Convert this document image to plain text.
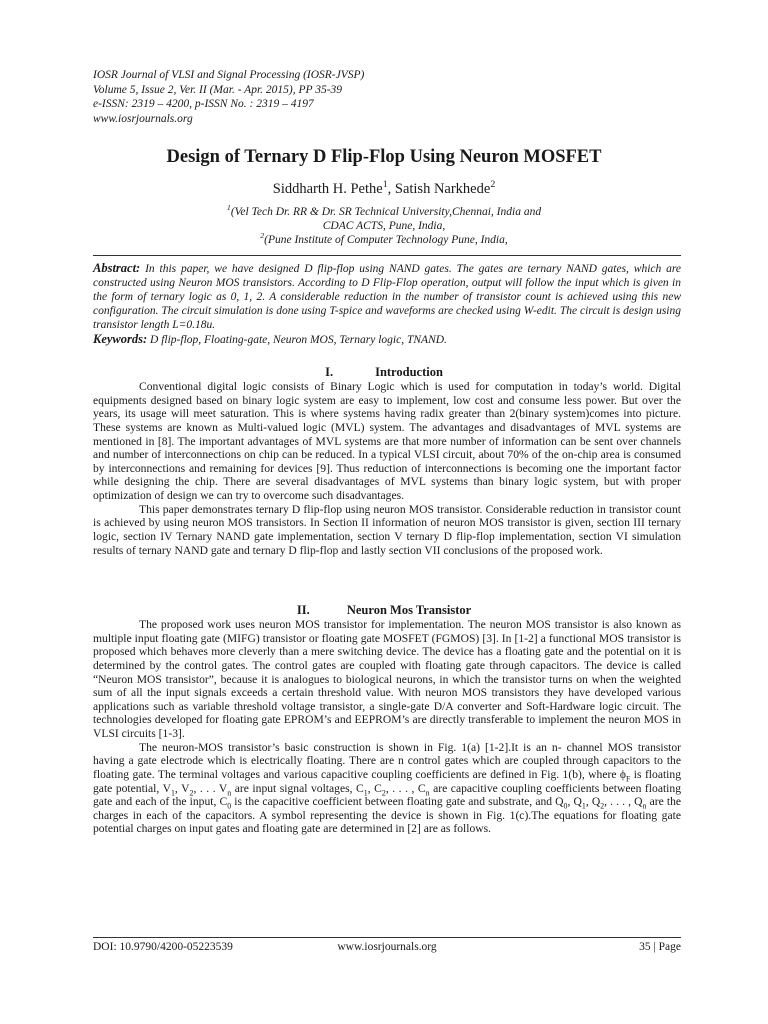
IOSR Journal of VLSI and Signal Processing (IOSR-JVSP)
Volume 5, Issue 2, Ver. II (Mar. - Apr. 2015), PP 35-39
e-ISSN: 2319 – 4200, p-ISSN No. : 2319 – 4197
www.iosrjournals.org
Design of Ternary D Flip-Flop Using Neuron MOSFET
Siddharth H. Pethe$^1$, Satish Narkhede$^2$
$^1$(Vel Tech Dr. RR & Dr. SR Technical University,Chennai, India and
CDAC ACTS, Pune, India,
$^2$(Pune Institute of Computer Technology Pune, India,
Abstract: In this paper, we have designed D flip-flop using NAND gates. The gates are ternary NAND gates, which are constructed using Neuron MOS transistors. According to D Flip-Flop operation, output will follow the input which is given in the form of ternary logic as 0, 1, 2. A considerable reduction in the number of transistor count is achieved using this new configuration. The circuit simulation is done using T-spice and waveforms are checked using W-edit. The circuit is design using transistor length L=0.18u.
Keywords: D flip-flop, Floating-gate, Neuron MOS, Ternary logic, TNAND.
I.	Introduction

Conventional digital logic consists of Binary Logic which is used for computation in today’s world. Digital equipments designed based on binary logic system are easy to implement, low cost and consume less power. But over the years, its usage will meet saturation. This is where systems having radix greater than 2(binary system)comes into picture. These systems are known as Multi-valued logic (MVL) system. The advantages and disadvantages of MVL systems are mentioned in [8]. The important advantages of MVL systems are that more number of information can be sent over channels and number of interconnections on chip can be reduced. In a typical VLSI circuit, about 70% of the on-chip area is consumed by interconnections and remaining for devices [9]. Thus reduction of interconnections is becoming one the important factor while designing the chip. There are several disadvantages of MVL systems than binary logic system, but with proper optimization of design we can try to overcome such disadvantages.

This paper demonstrates ternary D flip-flop using neuron MOS transistor. Considerable reduction in transistor count is achieved by using neuron MOS transistors. In Section II information of neuron MOS transistor is given, section III ternary logic, section IV Ternary NAND gate implementation, section V ternary D flip-flop implementation, section VI simulation results of ternary NAND gate and ternary D flip-flop and lastly section VII conclusions of the proposed work.

II.	Neuron Mos Transistor

The proposed work uses neuron MOS transistor for implementation. The neuron MOS transistor is also known as multiple input floating gate (MIFG) transistor or floating gate MOSFET (FGMOS) [3]. In [1-2] a functional MOS transistor is proposed which behaves more cleverly than a mere switching device. The device has a floating gate and the potential on it is determined by the control gates. The control gates are coupled with floating gate through capacitors. The device is called “Neuron MOS transistor”, because it is analogues to biological neurons, in which the transistor turns on when the weighted sum of all the input signals exceeds a certain threshold value. With neuron MOS transistors they have developed various applications such as variable threshold voltage transistor, a single-gate D/A converter and Soft-Hardware logic circuit. The technologies developed for floating gate EPROM’s and EEPROM’s are directly transferable to implement the neuron MOS in VLSI circuits [1-3].

The neuron-MOS transistor’s basic construction is shown in Fig. 1(a) [1-2].It is an n- channel MOS transistor having a gate electrode which is electrically floating. There are n control gates which are coupled through capacitors to the floating gate. The terminal voltages and various capacitive coupling coefficients are defined in Fig. 1(b), where $\phi_F$ is floating gate potential, $V_1$, $V_2$, . . . $V_n$ are input signal voltages, $C_1$, $C_2$, . . . , $C_n$ are capacitive coupling coefficients between floating gate and each of the input, $C_0$ is the capacitive coefficient between floating gate and substrate, and $Q_0$, $Q_1$, $Q_2$, . . . , $Q_n$ are the charges in each of the capacitors. A symbol representing the device is shown in Fig. 1(c).The equations for floating gate potential charges on input gates and floating gate are determined in [2] are as follows.

DOI: 10.9790/4200-05223539	www.iosrjournals.org	35 | Page
